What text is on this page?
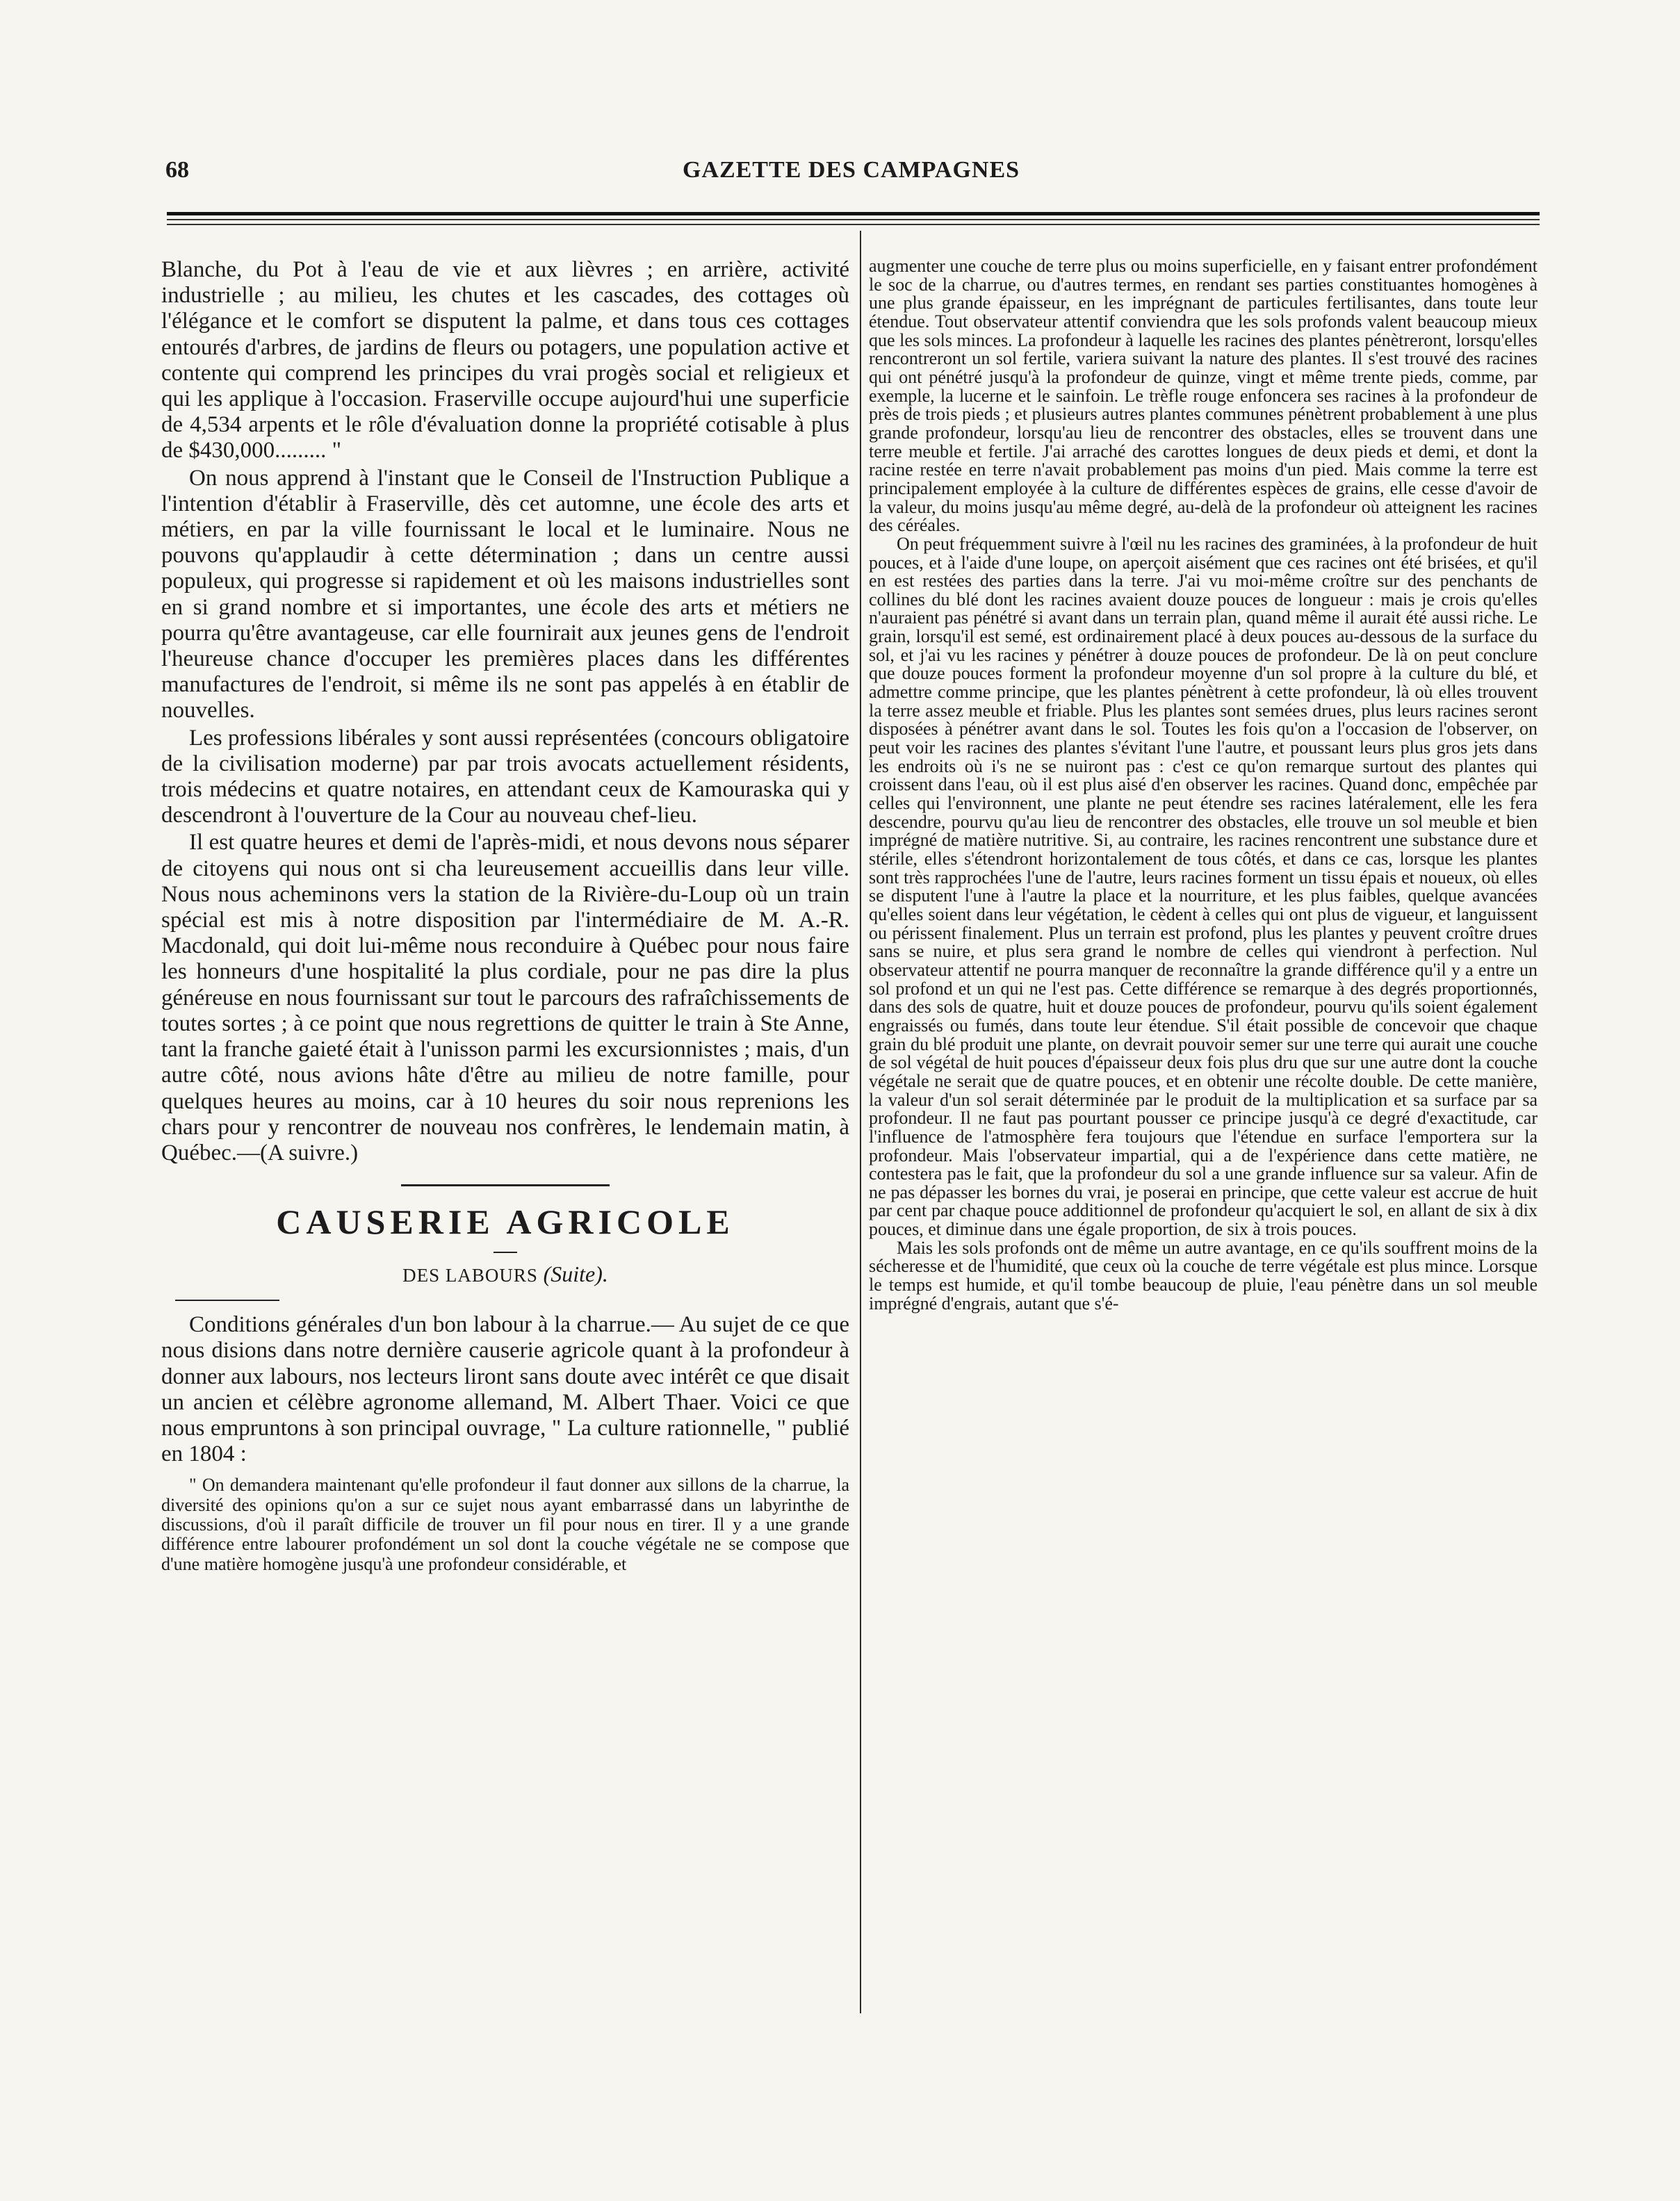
68	GAZETTE DES CAMPAGNES

Blanche, du Pot à l'eau de vie et aux lièvres ; en arrière, activité industrielle ; au milieu, les chutes et les cascades, des cottages où l'élégance et le comfort se disputent la palme, et dans tous ces cottages entourés d'arbres, de jardins de fleurs ou potagers, une population active et contente qui comprend les principes du vrai progès social et religieux et qui les applique à l'occasion. Fraserville occupe aujourd'hui une superficie de 4,534 arpents et le rôle d'évaluation donne la propriété cotisable à plus de $430,000......... "

On nous apprend à l'instant que le Conseil de l'Instruction Publique a l'intention d'établir à Fraserville, dès cet automne, une école des arts et métiers, en par la ville fournissant le local et le luminaire. Nous ne pouvons qu'applaudir à cette détermination ; dans un centre aussi populeux, qui progresse si rapidement et où les maisons industrielles sont en si grand nombre et si importantes, une école des arts et métiers ne pourra qu'être avantageuse, car elle fournirait aux jeunes gens de l'endroit l'heureuse chance d'occuper les premières places dans les différentes manufactures de l'endroit, si même ils ne sont pas appelés à en établir de nouvelles.

Les professions libérales y sont aussi représentées (concours obligatoire de la civilisation moderne) par par trois avocats actuellement résidents, trois médecins et quatre notaires, en attendant ceux de Kamouraska qui y descendront à l'ouverture de la Cour au nouveau chef-lieu.

Il est quatre heures et demi de l'après-midi, et nous devons nous séparer de citoyens qui nous ont si cha leureusement accueillis dans leur ville. Nous nous acheminons vers la station de la Rivière-du-Loup où un train spécial est mis à notre disposition par l'intermédiaire de M. A.-R. Macdonald, qui doit lui-même nous reconduire à Québec pour nous faire les honneurs d'une hospitalité la plus cordiale, pour ne pas dire la plus généreuse en nous fournissant sur tout le parcours des rafraîchissements de toutes sortes ; à ce point que nous regrettions de quitter le train à Ste Anne, tant la franche gaieté était à l'unisson parmi les excursionnistes ; mais, d'un autre côté, nous avions hâte d'être au milieu de notre famille, pour quelques heures au moins, car à 10 heures du soir nous reprenions les chars pour y rencontrer de nouveau nos confrères, le lendemain matin, à Québec.—(A suivre.)

CAUSERIE AGRICOLE
DES LABOURS (Suite).

Conditions générales d'un bon labour à la charrue.— Au sujet de ce que nous disions dans notre dernière causerie agricole quant à la profondeur à donner aux labours, nos lecteurs liront sans doute avec intérêt ce que disait un ancien et célèbre agronome allemand, M. Albert Thaer. Voici ce que nous empruntons à son principal ouvrage, " La culture rationnelle, " publié en 1804 :

" On demandera maintenant qu'elle profondeur il faut donner aux sillons de la charrue, la diversité des opinions qu'on a sur ce sujet nous ayant embarrassé dans un labyrinthe de discussions, d'où il paraît difficile de trouver un fil pour nous en tirer. Il y a une grande différence entre labourer profondément un sol dont la couche végétale ne se compose que d'une matière homogène jusqu'à une profondeur considérable, et

augmenter une couche de terre plus ou moins superficielle, en y faisant entrer profondément le soc de la charrue, ou d'autres termes, en rendant ses parties constituantes homogènes à une plus grande épaisseur, en les imprégnant de particules fertilisantes, dans toute leur étendue. Tout observateur attentif conviendra que les sols profonds valent beaucoup mieux que les sols minces. La profondeur à laquelle les racines des plantes pénètreront, lorsqu'elles rencontreront un sol fertile, variera suivant la nature des plantes. Il s'est trouvé des racines qui ont pénétré jusqu'à la profondeur de quinze, vingt et même trente pieds, comme, par exemple, la lucerne et le sainfoin. Le trèfle rouge enfoncera ses racines à la profondeur de près de trois pieds ; et plusieurs autres plantes communes pénètrent probablement à une plus grande profondeur, lorsqu'au lieu de rencontrer des obstacles, elles se trouvent dans une terre meuble et fertile. J'ai arraché des carottes longues de deux pieds et demi, et dont la racine restée en terre n'avait probablement pas moins d'un pied. Mais comme la terre est principalement employée à la culture de différentes espèces de grains, elle cesse d'avoir de la valeur, du moins jusqu'au même degré, au-delà de la profondeur où atteignent les racines des céréales.

On peut fréquemment suivre à l'œil nu les racines des graminées, à la profondeur de huit pouces, et à l'aide d'une loupe, on aperçoit aisément que ces racines ont été brisées, et qu'il en est restées des parties dans la terre. J'ai vu moi-même croître sur des penchants de collines du blé dont les racines avaient douze pouces de longueur : mais je crois qu'elles n'auraient pas pénétré si avant dans un terrain plan, quand même il aurait été aussi riche. Le grain, lorsqu'il est semé, est ordinairement placé à deux pouces au-dessous de la surface du sol, et j'ai vu les racines y pénétrer à douze pouces de profondeur. De là on peut conclure que douze pouces forment la profondeur moyenne d'un sol propre à la culture du blé, et admettre comme principe, que les plantes pénètrent à cette profondeur, là où elles trouvent la terre assez meuble et friable. Plus les plantes sont semées drues, plus leurs racines seront disposées à pénétrer avant dans le sol. Toutes les fois qu'on a l'occasion de l'observer, on peut voir les racines des plantes s'évitant l'une l'autre, et poussant leurs plus gros jets dans les endroits où i's ne se nuiront pas : c'est ce qu'on remarque surtout des plantes qui croissent dans l'eau, où il est plus aisé d'en observer les racines. Quand donc, empêchée par celles qui l'environnent, une plante ne peut étendre ses racines latéralement, elle les fera descendre, pourvu qu'au lieu de rencontrer des obstacles, elle trouve un sol meuble et bien imprégné de matière nutritive. Si, au contraire, les racines rencontrent une substance dure et stérile, elles s'étendront horizontalement de tous côtés, et dans ce cas, lorsque les plantes sont très rapprochées l'une de l'autre, leurs racines forment un tissu épais et noueux, où elles se disputent l'une à l'autre la place et la nourriture, et les plus faibles, quelque avancées qu'elles soient dans leur végétation, le cèdent à celles qui ont plus de vigueur, et languissent ou périssent finalement. Plus un terrain est profond, plus les plantes y peuvent croître drues sans se nuire, et plus sera grand le nombre de celles qui viendront à perfection. Nul observateur attentif ne pourra manquer de reconnaître la grande différence qu'il y a entre un sol profond et un qui ne l'est pas. Cette différence se remarque à des degrés proportionnés, dans des sols de quatre, huit et douze pouces de profondeur, pourvu qu'ils soient également engraissés ou fumés, dans toute leur étendue. S'il était possible de concevoir que chaque grain du blé produit une plante, on devrait pouvoir semer sur une terre qui aurait une couche de sol végétal de huit pouces d'épaisseur deux fois plus dru que sur une autre dont la couche végétale ne serait que de quatre pouces, et en obtenir une récolte double. De cette manière, la valeur d'un sol serait déterminée par le produit de la multiplication et sa surface par sa profondeur. Il ne faut pas pourtant pousser ce principe jusqu'à ce degré d'exactitude, car l'influence de l'atmosphère fera toujours que l'étendue en surface l'emportera sur la profondeur. Mais l'observateur impartial, qui a de l'expérience dans cette matière, ne contestera pas le fait, que la profondeur du sol a une grande influence sur sa valeur. Afin de ne pas dépasser les bornes du vrai, je poserai en principe, que cette valeur est accrue de huit par cent par chaque pouce additionnel de profondeur qu'acquiert le sol, en allant de six à dix pouces, et diminue dans une égale proportion, de six à trois pouces.

Mais les sols profonds ont de même un autre avantage, en ce qu'ils souffrent moins de la sécheresse et de l'humidité, que ceux où la couche de terre végétale est plus mince. Lorsque le temps est humide, et qu'il tombe beaucoup de pluie, l'eau pénètre dans un sol meuble imprégné d'engrais, autant que s'é-
